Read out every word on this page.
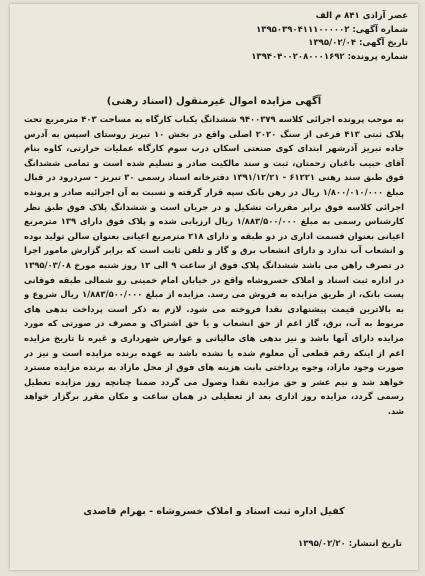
عصر آزادی ۸۴۱ م الف
شماره آگهی: ۱۳۹۵۰۳۹۰۴۱۱۱۰۰۰۰۰۲
تاریخ آگهی: ۱۳۹۵/۰۲/۰۴
شماره پرونده: ۱۳۹۴۰۴۰۰۲۰۸۰۰۰۱۶۹۲
آگهی مزایده اموال غیرمنقول (اسناد رهنی)
به موجب پرونده اجرائی کلاسه ۹۴۰۰۳۷۹ ششدانگ یکباب کارگاه به مساحت ۴۰۳ مترمربع تحت پلاک ثبتی ۴۱۳ فرعی از سنگ ۲۰۲۰ اصلی واقع در بخش ۱۰ تبریز روستای اسپس به آدرس جاده تبریز آذرشهر ابتدای کوی صنعتی اسکان درب سوم کارگاه عملیات حرارتی، کاوه بنام آقای حبیب باغبان زحمتان، ثبت و سند مالکیت صادر و تسلیم شده است و تمامی ششدانگ فوق طبق سند رهنی ۶۱۲۲۱ - ۱۳۹۱/۱۲/۲۱ دفترخانه اسناد رسمی ۳۰ تبریز - سردرود در قبال مبلغ ۱/۸۰۰/۰۱۰/۰۰۰ ریال در رهن بانک سپه قرار گرفته و نسبت به آن اجرائیه صادر و پرونده اجرائی کلاسه فوق برابر مقررات تشکیل و در جریان است و ششدانگ پلاک فوق طبق نظر کارشناس رسمی به مبلغ ۱/۸۸۳/۵۰۰/۰۰۰ ریال ارزیابی شده و پلاک فوق دارای ۱۳۹ مترمربع اعیانی بعنوان قسمت اداری در دو طبقه و دارای ۲۱۸ مترمربع اعیانی بعنوان سالن تولید بوده و انشعاب آب ندارد و دارای انشعاب برق و گاز و تلفن ثابت است که برابر گزارش مامور اجرا در تصرف راهن می باشد ششدانگ پلاک فوق از ساعت ۹ الی ۱۲ روز شنبه مورخ ۱۳۹۵/۰۳/۰۸ در اداره ثبت اسناد و املاک خسروشاه واقع در خیابان امام خمینی رو شمالی طبقه فوقانی پست بانک، از طریق مزایده به فروش می رسد. مزایده از مبلغ ۱/۸۸۳/۵۰۰/۰۰۰ ریال شروع و به بالاترین قیمت پیشنهادی نقدا فروخته می شود. لازم به ذکر است پرداخت بدهی های مربوط به آب، برق، گاز اعم از حق انشعاب و یا حق اشتراک و مصرف در صورتی که مورد مزایده دارای آنها باشد و نیز بدهی های مالیاتی و عوارض شهرداری و غیره تا تاریخ مزایده اعم از اینکه رقم قطعی آن معلوم شده یا نشده باشد به عهده برنده مزایده است و نیز در صورت وجود مازاد، وجوه پرداختی بابت هزینه های فوق از محل مازاد به برنده مزایده مسترد خواهد شد و نیم عشر و حق مزایده نقدا وصول می گردد ضمنا چنانچه روز مزایده تعطیل رسمی گردد، مزایده روز اداری بعد از تعطیلی در همان ساعت و مکان مقرر برگزار خواهد شد.
کفیل اداره ثبت اسناد و املاک خسروشاه - بهرام قاصدی
تاریخ انتشار: ۱۳۹۵/۰۲/۲۰
